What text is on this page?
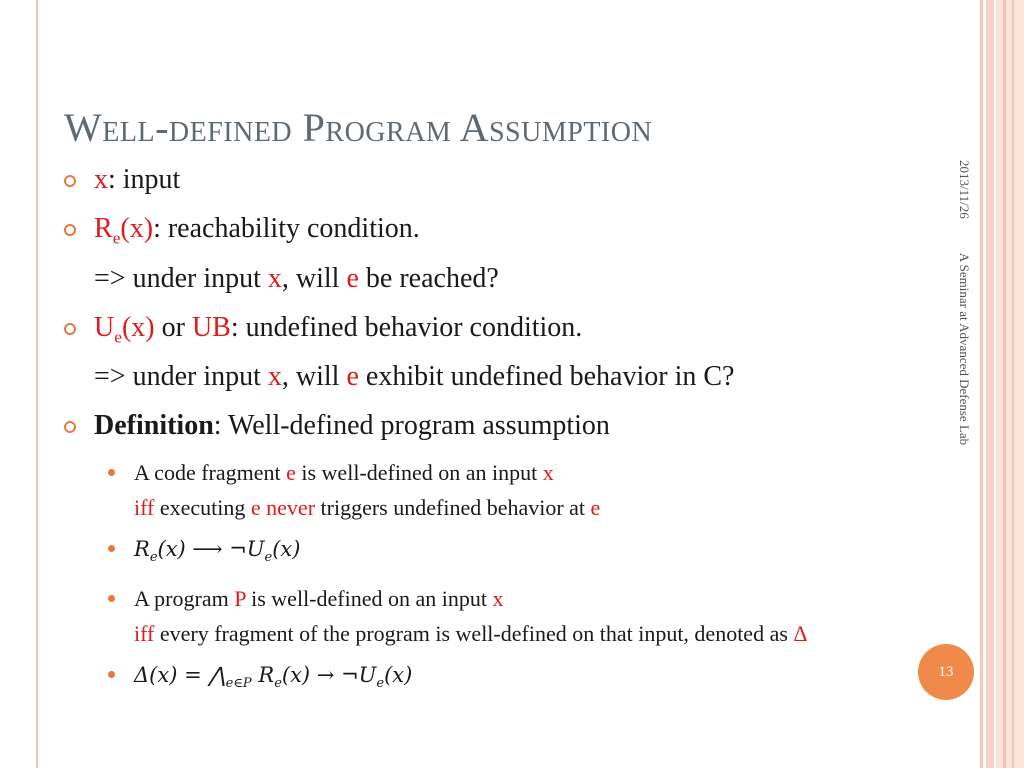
Well-defined Program Assumption
x: input
$R_e(x)$: reachability condition.
=> under input x, will e be reached?
$U_e(x)$ or UB: undefined behavior condition.
=> under input x, will e exhibit undefined behavior in C?
Definition: Well-defined program assumption
A code fragment e is well-defined on an input x
iff executing e never triggers undefined behavior at e
$R_e(x)$ ⟶ $\neg U_e(x)$
A program P is well-defined on an input x
iff every fragment of the program is well-defined on that input, denoted as Δ
$\Delta(x) = ⋀_{e\in P}$ $R_e(x)$ → $\neg U_e(x)$
2013/11/26A Seminar at Advanced Defense Lab
13
